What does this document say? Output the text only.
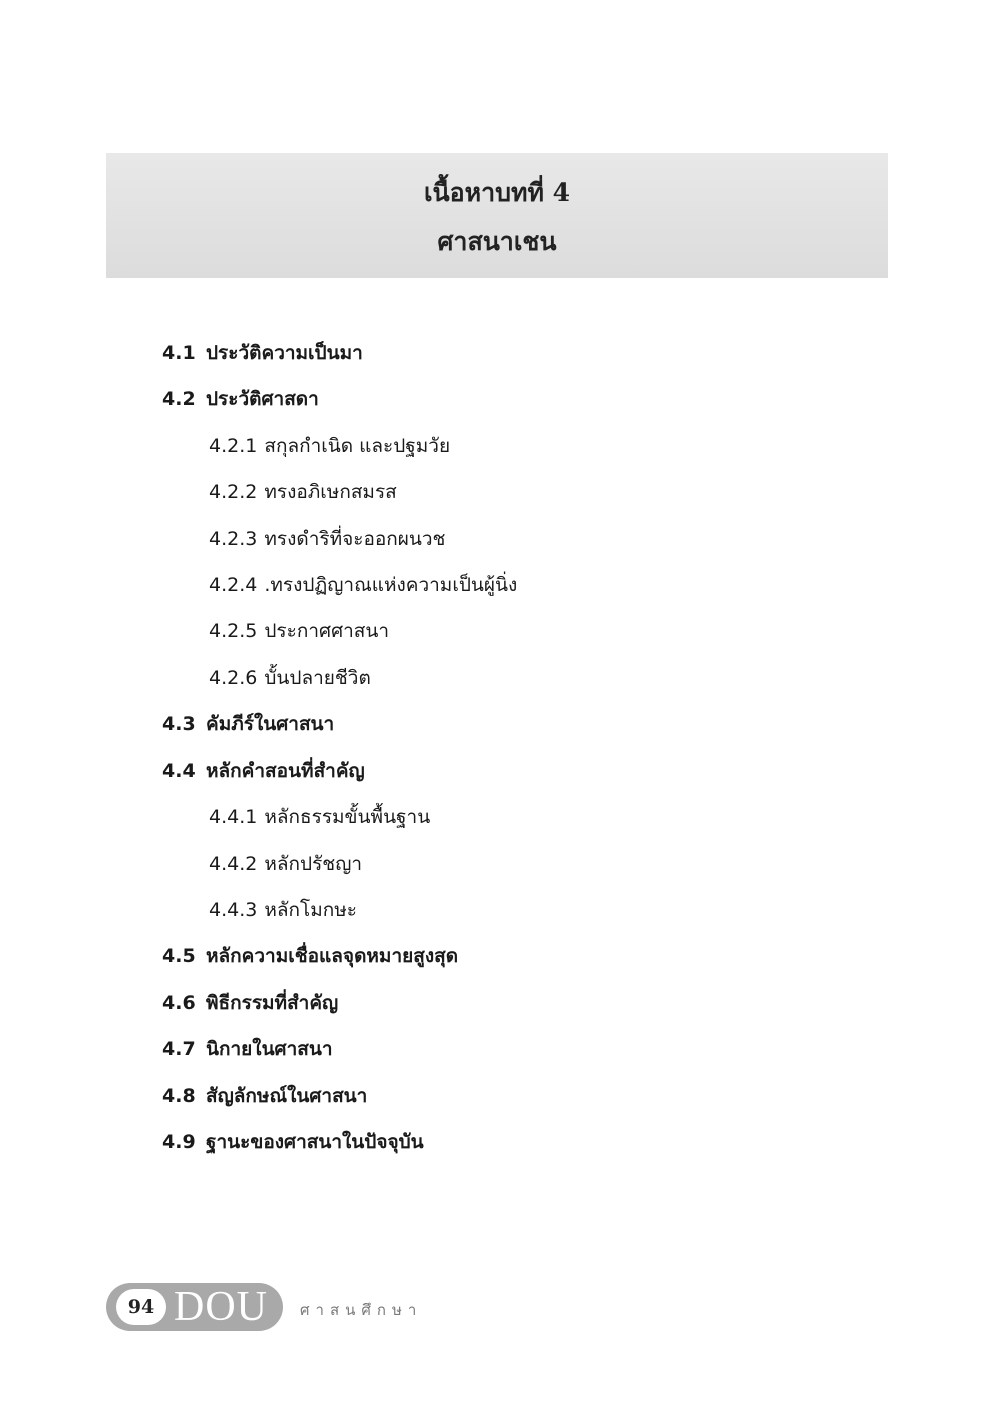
เนื้อหาบทที่ 4
ศาสนาเชน
4.1 ประวัติความเป็นมา
4.2 ประวัติศาสดา
4.2.1 สกุลกำเนิด และปฐมวัย
4.2.2 ทรงอภิเษกสมรส
4.2.3 ทรงดำริที่จะออกผนวช
4.2.4 .ทรงปฏิญาณแห่งความเป็นผู้นิ่ง
4.2.5 ประกาศศาสนา
4.2.6 บั้นปลายชีวิต
4.3 คัมภีร์ในศาสนา
4.4 หลักคำสอนที่สำคัญ
4.4.1 หลักธรรมขั้นพื้นฐาน
4.4.2 หลักปรัชญา
4.4.3 หลักโมกษะ
4.5 หลักความเชื่อแลจุดหมายสูงสุด
4.6 พิธีกรรมที่สำคัญ
4.7 นิกายในศาสนา
4.8 สัญลักษณ์ในศาสนา
4.9 ฐานะของศาสนาในปัจจุบัน
94 DOU ศาสนศึกษา
